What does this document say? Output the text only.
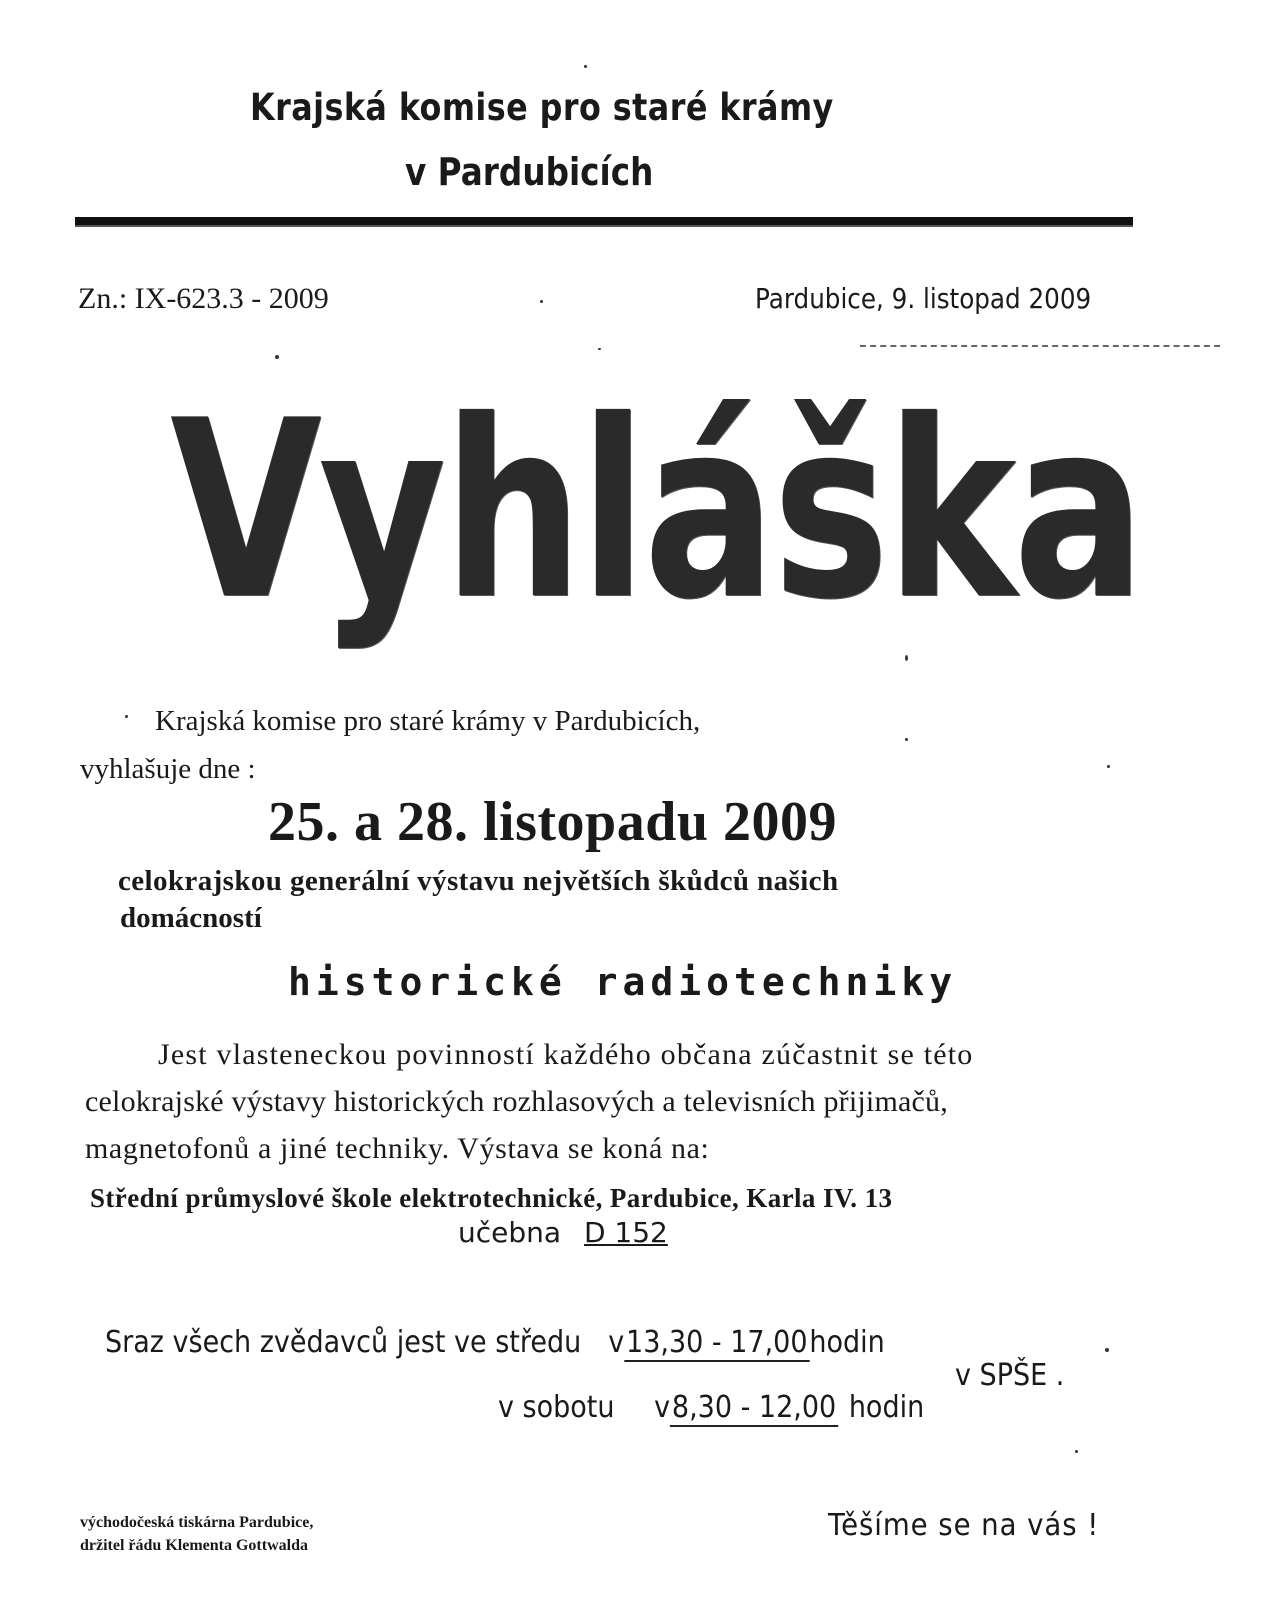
Krajská komise pro staré krámy
v Pardubicích
Zn.: IX-623.3 - 2009	Pardubice, 9. listopad 2009
Vyhláška
Krajská komise pro staré krámy v Pardubicích,
vyhlašuje dne :
25. a 28. listopadu 2009
celokrajskou generální výstavu největších škůdců našich
domácností
historické radiotechniky
Jest vlasteneckou povinností každého občana zúčastnit se této
celokrajské výstavy historických rozhlasových a televisních přijimačů,
magnetofonů a jiné techniky. Výstava se koná na:
Střední průmyslové škole elektrotechnické, Pardubice, Karla IV. 13
učebna D 152
Sraz všech zvědavců jest ve středu v13,30 - 17,00hodin
v sobotu v8,30 - 12,00 hodin
v SPŠE .
východočeská tiskárna Pardubice,
držitel řádu Klementa Gottwalda
Těšíme se na vás !
